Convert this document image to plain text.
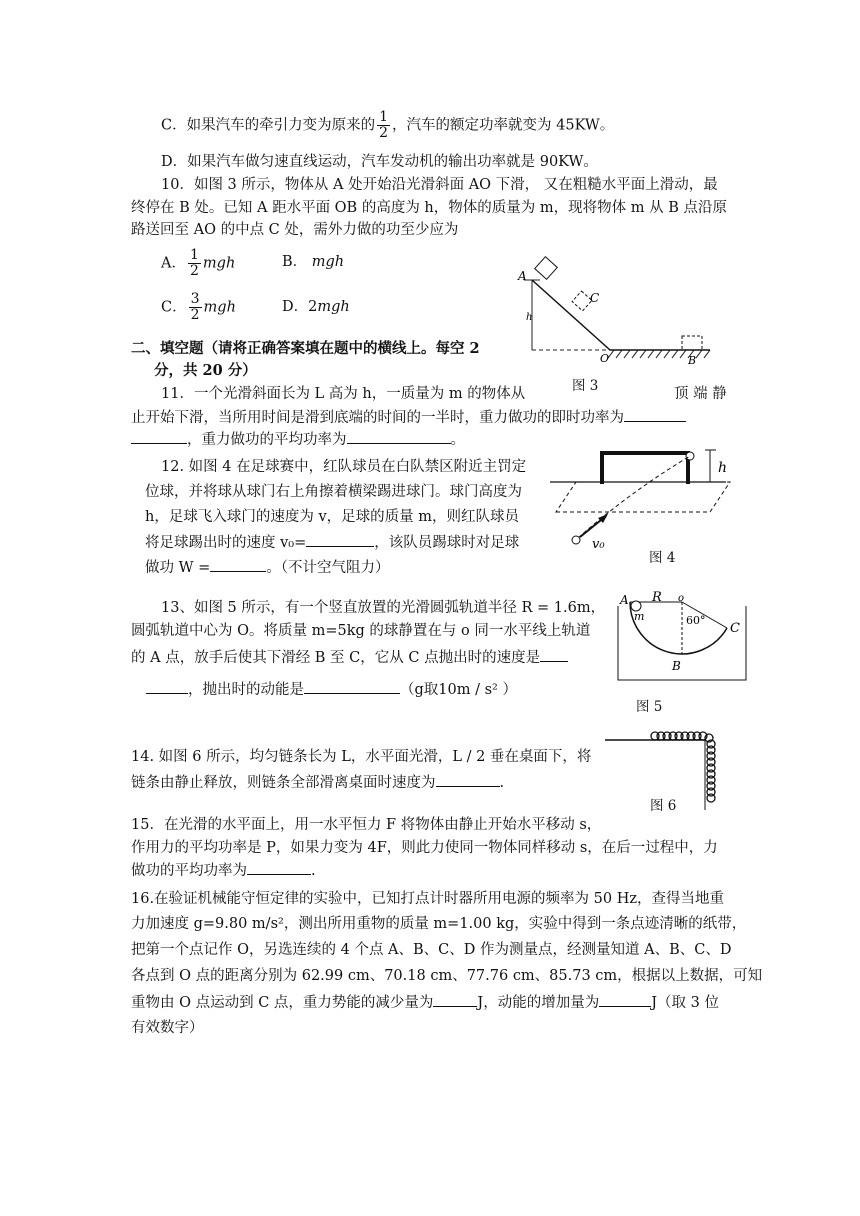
C．如果汽车的牵引力变为原来的 $\frac{1}{2}$ ，汽车的额定功率就变为 45KW。
D．如果汽车做匀速直线运动，汽车发动机的输出功率就是 90KW。
10．如图 3 所示，物体从 A 处开始沿光滑斜面 AO 下滑， 又在粗糙水平面上滑动，最
终停在 B 处。已知 A 距水平面 OB 的高度为 h，物体的质量为 m，现将物体 m 从 B 点沿原
路送回至 AO 的中点 C 处，需外力做的功至少应为
A． $\frac{1}{2}$ mgh	B． mgh
C． $\frac{3}{2}$ mgh	D．2mgh
A
C
h
O	B
图 3
二、填空题（请将正确答案填在题中的横线上。每空 2
分，共 20 分）
11．一个光滑斜面长为 L 高为 h，一质量为 m 的物体从	顶 端 静
止开始下滑，当所用时间是滑到底端的时间的一半时，重力做功的即时功率为
，重力做功的平均功率为	。
12. 如图 4 在足球赛中，红队球员在白队禁区附近主罚定
位球，并将球从球门右上角擦着横梁踢进球门。球门高度为
h，足球飞入球门的速度为 v，足球的质量 m，则红队球员
将足球踢出时的速度 v₀=	，该队员踢球时对足球
做功 W =	。（不计空气阻力）
h
v₀
图 4
13、如图 5 所示，有一个竖直放置的光滑圆弧轨道半径 R = 1.6m，
圆弧轨道中心为 O。将质量 m=5kg 的球静置在与 o 同一水平线上轨道
的 A 点，放手后使其下滑经 B 至 C，它从 C 点抛出时的速度是
，抛出时的动能是	（g取10m / s² ）
A R o
m	60°
C
B
图 5
14. 如图 6 所示，均匀链条长为 L，水平面光滑，L / 2 垂在桌面下，将
链条由静止释放，则链条全部滑离桌面时速度为	.
图 6
15．在光滑的水平面上，用一水平恒力 F 将物体由静止开始水平移动 s，
作用力的平均功率是 P，如果力变为 4F，则此力使同一物体同样移动 s，在后一过程中，力
做功的平均功率为	.
16.在验证机械能守恒定律的实验中，已知打点计时器所用电源的频率为 50 Hz，查得当地重
力加速度 g=9.80 m/s²，测出所用重物的质量 m=1.00 kg，实验中得到一条点迹清晰的纸带，
把第一个点记作 O，另选连续的 4 个点 A、B、C、D 作为测量点，经测量知道 A、B、C、D
各点到 O 点的距离分别为 62.99 cm、70.18 cm、77.76 cm、85.73 cm，根据以上数据，可知
重物由 O 点运动到 C 点，重力势能的减少量为	J，动能的增加量为	J（取 3 位
有效数字）
